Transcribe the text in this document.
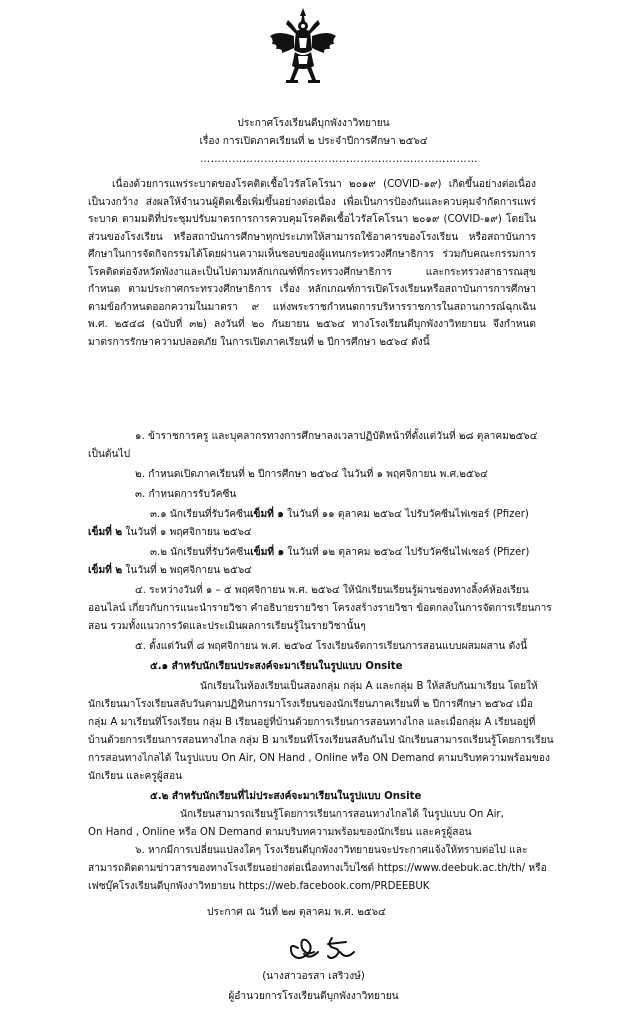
ประกาศโรงเรียนดีบุกพังงาวิทยายน
เรื่อง การเปิดภาคเรียนที่ ๒ ประจำปีการศึกษา ๒๕๖๔
……………………………………………………………………
เนื่องด้วยการแพร่ระบาดของโรคติดเชื้อไวรัสโคโรนา ๒๐๑๙ (COVID-๑๙) เกิดขึ้นอย่างต่อเนื่องเป็นวงกว้าง ส่งผลให้จำนวนผู้ติดเชื้อเพิ่มขึ้นอย่างต่อเนื่อง เพื่อเป็นการป้องกันและควบคุมจำกัดการแพร่ระบาด ตามมติที่ประชุมปรับมาตรการการควบคุมโรคติดเชื้อไวรัสโคโรนา ๒๐๑๙ (COVID-๑๙) โดยในส่วนของโรงเรียน หรือสถาบันการศึกษาทุกประเภทให้สามารถใช้อาคารของโรงเรียน หรือสถาบันการศึกษาในการจัดกิจกรรมได้โดยผ่านความเห็นชอบของผู้แทนกระทรวงศึกษาธิการ ร่วมกับคณะกรรมการโรคติดต่อจังหวัดพังงาและเป็นไปตามหลักเกณฑ์ที่กระทรวงศึกษาธิการ และกระทรวงสาธารณสุขกำหนด ตามประกาศกระทรวงศึกษาธิการ เรื่อง หลักเกณฑ์การเปิดโรงเรียนหรือสถาบันการการศึกษา ตามข้อกำหนดออกความในมาตรา ๙ แห่งพระราชกำหนดการบริหารราชการในสถานการณ์ฉุกเฉิน พ.ศ. ๒๕๔๘ (ฉบับที่ ๓๒) ลงวันที่ ๒๐ กันยายน ๒๕๖๔ ทางโรงเรียนดีบุกพังงาวิทยายน จึงกำหนดมาตรการรักษาความปลอดภัย ในการเปิดภาคเรียนที่ ๒ ปีการศึกษา ๒๕๖๔ ดังนี้
๑. ข้าราชการครู และบุคลากรทางการศึกษาลงเวลาปฏิบัติหน้าที่ตั้งแต่วันที่ ๒๘ ตุลาคม๒๕๖๔
เป็นต้นไป
๒. กำหนดเปิดภาคเรียนที่ ๒ ปีการศึกษา ๒๕๖๔ ในวันที่ ๑ พฤศจิกายน พ.ศ.๒๕๖๔
๓. กำหนดการรับวัคซีน
๓.๑ นักเรียนที่รับวัคซีนเข็มที่ ๑ ในวันที่ ๑๑ ตุลาคม ๒๕๖๔ ไปรับวัคซีนไฟเซอร์ (Pfizer)
เข็มที่ ๒ ในวันที่ ๑ พฤศจิกายน ๒๕๖๔
๓.๒ นักเรียนที่รับวัคซีนเข็มที่ ๑ ในวันที่ ๑๒ ตุลาคม ๒๕๖๔ ไปรับวัคซีนไฟเซอร์ (Pfizer)
เข็มที่ ๒ ในวันที่ ๒ พฤศจิกายน ๒๕๖๔
๔. ระหว่างวันที่ ๑ – ๕ พฤศจิกายน พ.ศ. ๒๕๖๔ ให้นักเรียนเรียนรู้ผ่านช่องทางลิ้งค์ห้องเรียน
ออนไลน์ เกี่ยวกับการแนะนำรายวิชา คำอธิบายรายวิชา โครงสร้างรายวิชา ข้อตกลงในการจัดการเรียนการ
สอน รวมทั้งแนวการวัดและประเมินผลการเรียนรู้ในรายวิชานั้นๆ
๕. ตั้งแต่วันที่ ๘ พฤศจิกายน พ.ศ. ๒๕๖๔ โรงเรียนจัดการเรียนการสอนแบบผสมผสาน ดังนี้
๕.๑ สำหรับนักเรียนประสงค์จะมาเรียนในรูปแบบ Onsite
นักเรียนในห้องเรียนเป็นสองกลุ่ม กลุ่ม A และกลุ่ม B ให้สลับกันมาเรียน โดยให้
นักเรียนมาโรงเรียนสลับวันตามปฏิทินการมาโรงเรียนของนักเรียนภาคเรียนที่ ๒ ปีการศึกษา ๒๕๖๔ เมื่อ
กลุ่ม A มาเรียนที่โรงเรียน กลุ่ม B เรียนอยู่ที่บ้านด้วยการเรียนการสอนทางไกล และเมื่อกลุ่ม A เรียนอยู่ที่
บ้านด้วยการเรียนการสอนทางไกล กลุ่ม B มาเรียนที่โรงเรียนสลับกันไป นักเรียนสามารถเรียนรู้โดยการเรียน
การสอนทางไกลได้ ในรูปแบบ On Air, ON Hand , Online หรือ ON Demand ตามบริบทความพร้อมของ
นักเรียน และครูผู้สอน
๕.๒ สำหรับนักเรียนที่ไม่ประสงค์จะมาเรียนในรูปแบบ Onsite
นักเรียนสามารถเรียนรู้โดยการเรียนการสอนทางไกลได้ ในรูปแบบ On Air,
On Hand , Online หรือ ON Demand ตามบริบทความพร้อมของนักเรียน และครูผู้สอน
๖. หากมีการเปลี่ยนแปลงใดๆ โรงเรียนดีบุกพังงาวิทยายนจะประกาศแจ้งให้ทราบต่อไป และ
สามารถติดตามข่าวสารของทางโรงเรียนอย่างต่อเนื่องทางเว็บไซต์ https://www.deebuk.ac.th/th/ หรือ
เฟซบุ๊คโรงเรียนดีบุกพังงาวิทยายน https://web.facebook.com/PRDEEBUK
ประกาศ ณ วันที่ ๒๗ ตุลาคม พ.ศ. ๒๕๖๔
(นางสาวอรสา เสริวงษ์)
ผู้อำนวยการโรงเรียนดีบุกพังงาวิทยายน
